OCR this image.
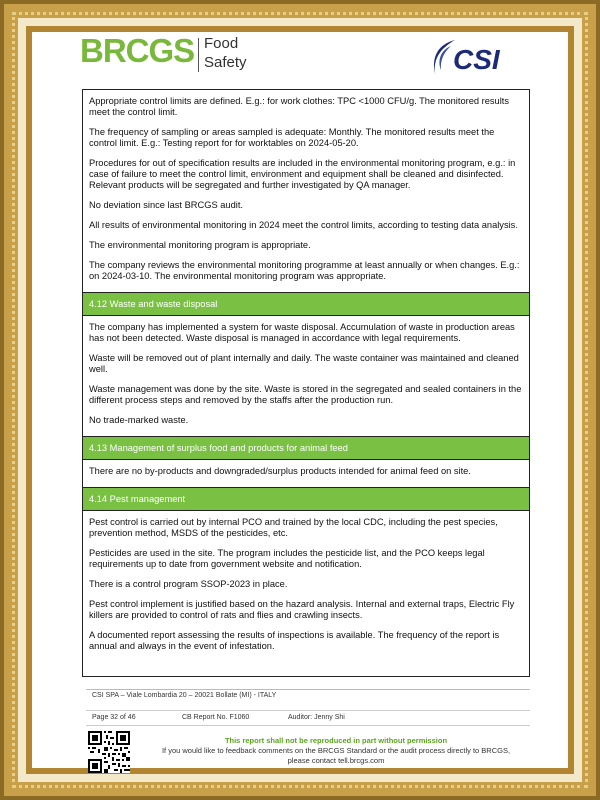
BRCGS Food
Safety	CSI

Appropriate control limits are defined. E.g.: for work clothes: TPC <1000 CFU/g. The monitored results meet the control limit.

The frequency of sampling or areas sampled is adequate: Monthly. The monitored results meet the control limit. E.g.: Testing report for for worktables on 2024-05-20.

Procedures for out of specification results are included in the environmental monitoring program, e.g.: in case of failure to meet the control limit, environment and equipment shall be cleaned and disinfected. Relevant products will be segregated and further investigated by QA manager.

No deviation since last BRCGS audit.

All results of environmental monitoring in 2024 meet the control limits, according to testing data analysis.

The environmental monitoring program is appropriate.

The company reviews the environmental monitoring programme at least annually or when changes. E.g.: on 2024-03-10. The environmental monitoring program was appropriate.

4.12 Waste and waste disposal

The company has implemented a system for waste disposal. Accumulation of waste in production areas has not been detected. Waste disposal is managed in accordance with legal requirements.

Waste will be removed out of plant internally and daily. The waste container was maintained and cleaned well.

Waste management was done by the site. Waste is stored in the segregated and sealed containers in the different process steps and removed by the staffs after the production run.

No trade-marked waste.

4.13 Management of surplus food and products for animal feed

There are no by-products and downgraded/surplus products intended for animal feed on site.

4.14 Pest management

Pest control is carried out by internal PCO and trained by the local CDC, including the pest species, prevention method, MSDS of the pesticides, etc.

Pesticides are used in the site. The program includes the pesticide list, and the PCO keeps legal requirements up to date from government website and notification.

There is a control program SSOP-2023 in place.

Pest control implement is justified based on the hazard analysis. Internal and external traps, Electric Fly killers are provided to control of rats and flies and crawling insects.

A documented report assessing the results of inspections is available. The frequency of the report is annual and always in the event of infestation.

CSI SPA – Viale Lombardia 20 – 20021 Bollate (MI) - ITALY
Page 32 of 46	CB Report No. F1060	Auditor: Jenny Shi
This report shall not be reproduced in part without permission
If you would like to feedback comments on the BRCGS Standard or the audit process directly to BRCGS,
please contact tell.brcgs.com
